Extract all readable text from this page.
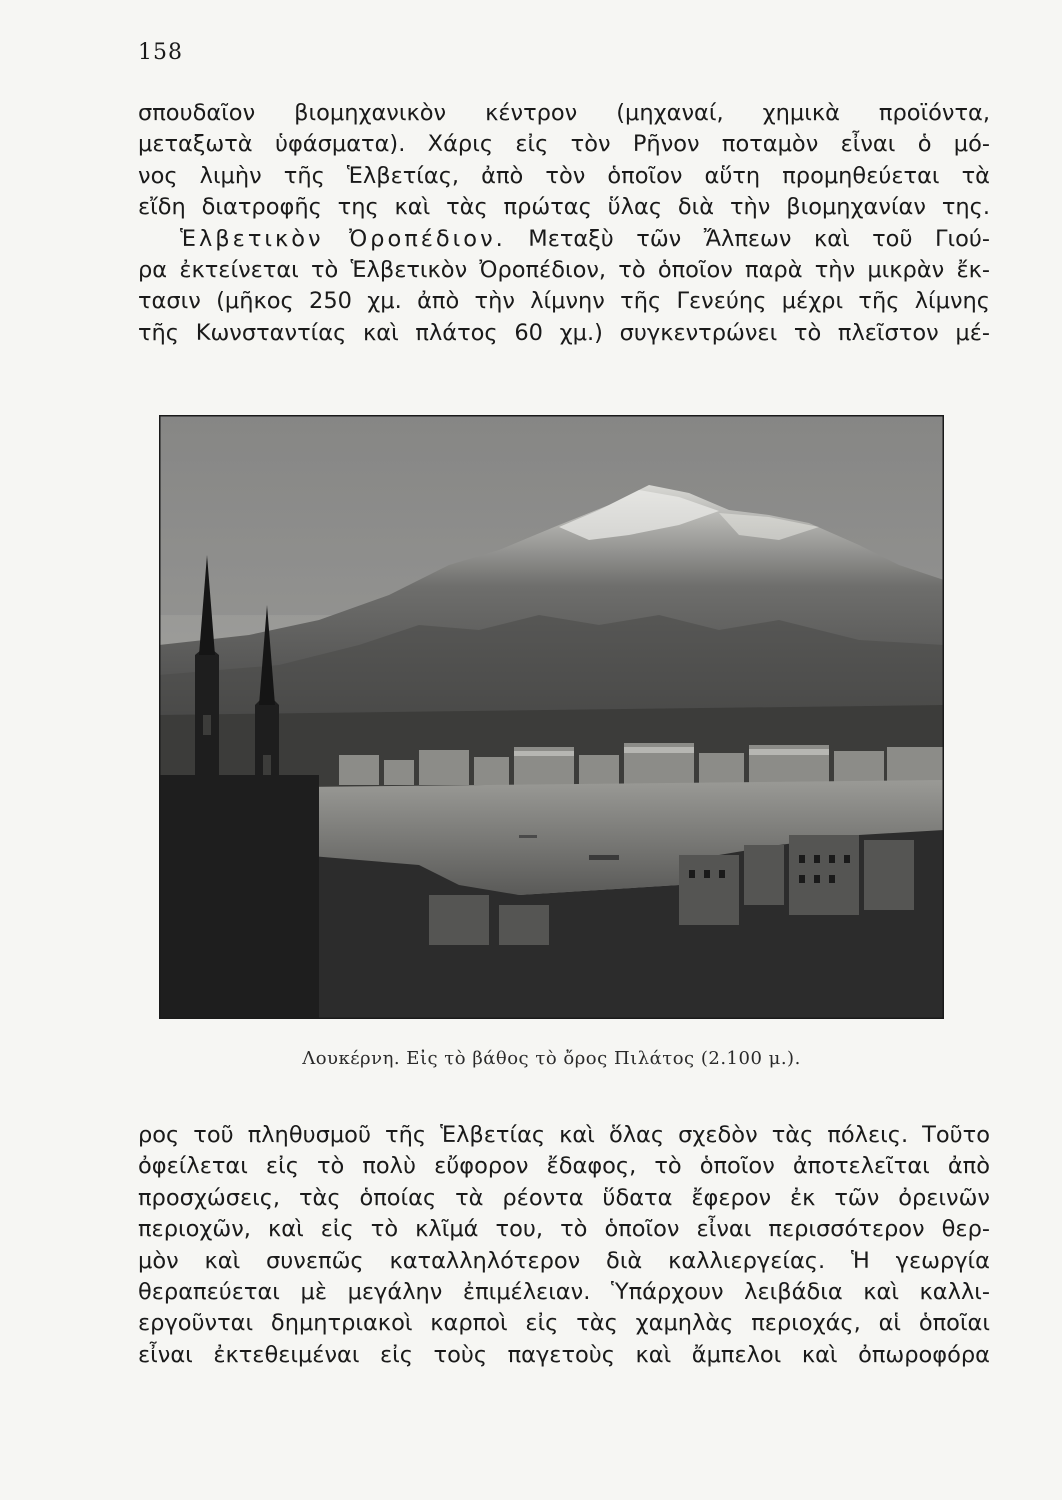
158
σπουδαῖον βιομηχανικὸν κέντρον (μηχαναί, χημικὰ προϊόντα,
μεταξωτὰ ὑφάσματα). Χάρις εἰς τὸν Ρῆνον ποταμὸν εἶναι ὁ μό-
νος λιμὴν τῆς Ἑλβετίας, ἀπὸ τὸν ὁποῖον αὕτη προμηθεύεται τὰ
εἴδη διατροφῆς της καὶ τὰς πρώτας ὕλας διὰ τὴν βιομηχανίαν της.
Ἑλβετικὸν Ὀροπέδιον. Μεταξὺ τῶν Ἄλπεων καὶ τοῦ Γιού-
ρα ἐκτείνεται τὸ Ἑλβετικὸν Ὀροπέδιον, τὸ ὁποῖον παρὰ τὴν μικρὰν ἔκ-
τασιν (μῆκος 250 χμ. ἀπὸ τὴν λίμνην τῆς Γενεύης μέχρι τῆς λίμνης
τῆς Κωνσταντίας καὶ πλάτος 60 χμ.) συγκεντρώνει τὸ πλεῖστον μέ-
Λουκέρνη. Εἰς τὸ βάθος τὸ ὄρος Πιλάτος (2.100 μ.).
ρος τοῦ πληθυσμοῦ τῆς Ἑλβετίας καὶ ὅλας σχεδὸν τὰς πόλεις. Τοῦτο
ὀφείλεται εἰς τὸ πολὺ εὔφορον ἔδαφος, τὸ ὁποῖον ἀποτελεῖται ἀπὸ
προσχώσεις, τὰς ὁποίας τὰ ρέοντα ὕδατα ἔφερον ἐκ τῶν ὀρεινῶν
περιοχῶν, καὶ εἰς τὸ κλῖμά του, τὸ ὁποῖον εἶναι περισσότερον θερ-
μὸν καὶ συνεπῶς καταλληλότερον διὰ καλλιεργείας. Ἡ γεωργία
θεραπεύεται μὲ μεγάλην ἐπιμέλειαν. Ὑπάρχουν λειβάδια καὶ καλλι-
εργοῦνται δημητριακοὶ καρποὶ εἰς τὰς χαμηλὰς περιοχάς, αἱ ὁποῖαι
εἶναι ἐκτεθειμέναι εἰς τοὺς παγετοὺς καὶ ἄμπελοι καὶ ὀπωροφόρα
